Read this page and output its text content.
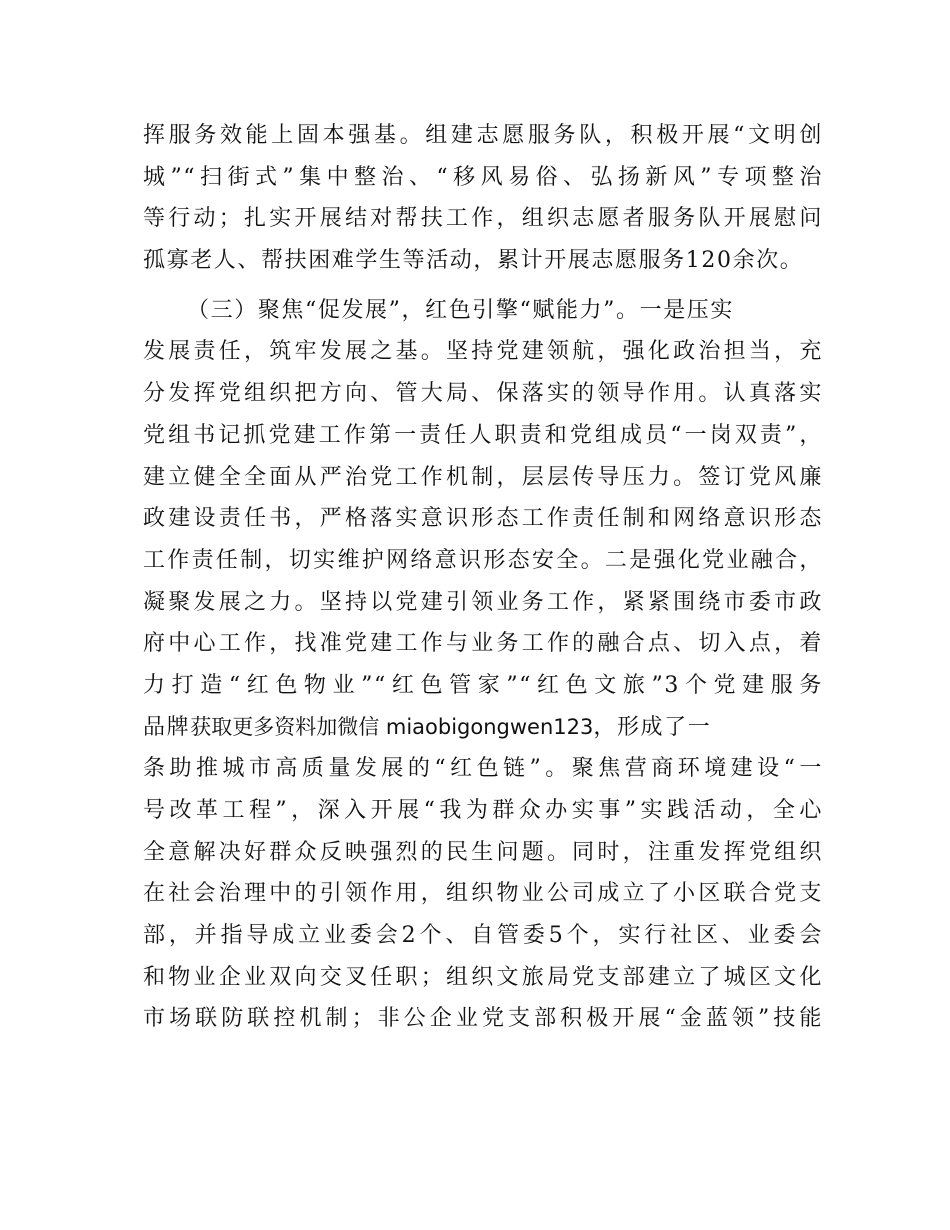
挥服务效能上固本强基。组建志愿服务队，积极开展“文明创
城”“扫街式”集中整治、“移风易俗、弘扬新风”专项整治
等行动；扎实开展结对帮扶工作，组织志愿者服务队开展慰问
孤寡老人、帮扶困难学生等活动，累计开展志愿服务120余次。
（三）聚焦“促发展”，红色引擎“赋能力”。一是压实
发展责任，筑牢发展之基。坚持党建领航，强化政治担当，充
分发挥党组织把方向、管大局、保落实的领导作用。认真落实
党组书记抓党建工作第一责任人职责和党组成员“一岗双责”，
建立健全全面从严治党工作机制，层层传导压力。签订党风廉
政建设责任书，严格落实意识形态工作责任制和网络意识形态
工作责任制，切实维护网络意识形态安全。二是强化党业融合，
凝聚发展之力。坚持以党建引领业务工作，紧紧围绕市委市政
府中心工作，找准党建工作与业务工作的融合点、切入点，着
力打造“红色物业”“红色管家”“红色文旅”3个党建服务
品牌获取更多资料加微信 miaobigongwen123，形成了一
条助推城市高质量发展的“红色链”。聚焦营商环境建设“一
号改革工程”，深入开展“我为群众办实事”实践活动，全心
全意解决好群众反映强烈的民生问题。同时，注重发挥党组织
在社会治理中的引领作用，组织物业公司成立了小区联合党支
部，并指导成立业委会2个、自管委5个，实行社区、业委会
和物业企业双向交叉任职；组织文旅局党支部建立了城区文化
市场联防联控机制；非公企业党支部积极开展“金蓝领”技能
